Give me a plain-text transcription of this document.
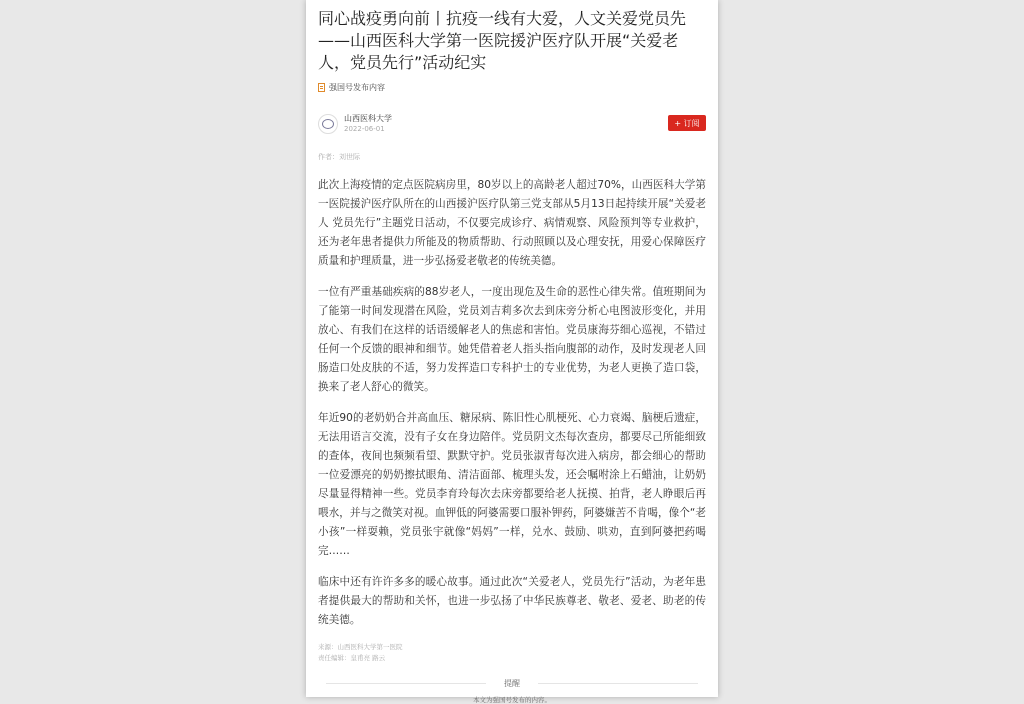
同心战疫勇向前丨抗疫一线有大爱，人文关爱党员先——山西医科大学第一医院援沪医疗队开展“关爱老人，党员先行”活动纪实
强国号发布内容
山西医科大学
2022-06-01
+ 订阅
作者：刘世际

此次上海疫情的定点医院病房里，80岁以上的高龄老人超过70%，山西医科大学第一医院援沪医疗队所在的山西援沪医疗队第三党支部从5月13日起持续开展“关爱老人 党员先行”主题党日活动，不仅要完成诊疗、病情观察、风险预判等专业救护，还为老年患者提供力所能及的物质帮助、行动照顾以及心理安抚，用爱心保障医疗质量和护理质量，进一步弘扬爱老敬老的传统美德。

一位有严重基础疾病的88岁老人，一度出现危及生命的恶性心律失常。值班期间为了能第一时间发现潜在风险，党员刘吉莉多次去到床旁分析心电图波形变化，并用放心、有我们在这样的话语缓解老人的焦虑和害怕。党员康海芬细心巡视，不错过任何一个反馈的眼神和细节。她凭借着老人指头指向腹部的动作，及时发现老人回肠造口处皮肤的不适，努力发挥造口专科护士的专业优势，为老人更换了造口袋，换来了老人舒心的微笑。

年近90的老奶奶合并高血压、糖尿病、陈旧性心肌梗死、心力衰竭、脑梗后遗症，无法用语言交流，没有子女在身边陪伴。党员阴文杰每次查房，都要尽己所能细致的查体，夜间也频频看望、默默守护。党员张淑青每次进入病房，都会细心的帮助一位爱漂亮的奶奶擦拭眼角、清洁面部、梳理头发，还会嘱咐涂上石蜡油，让奶奶尽量显得精神一些。党员李育玲每次去床旁都要给老人抚摸、拍背，老人睁眼后再喂水，并与之微笑对视。血钾低的阿婆需要口服补钾药，阿婆嫌苦不肯喝，像个“老小孩”一样耍赖，党员张宇就像“妈妈”一样，兑水、鼓励、哄劝，直到阿婆把药喝完……

临床中还有许许多多的暖心故事。通过此次“关爱老人，党员先行”活动，为老年患者提供最大的帮助和关怀，也进一步弘扬了中华民族尊老、敬老、爱老、助老的传统美德。

来源：山西医科大学第一医院
责任编辑：皇甫亮 路云
提醒
本文为强国号发布的内容。
